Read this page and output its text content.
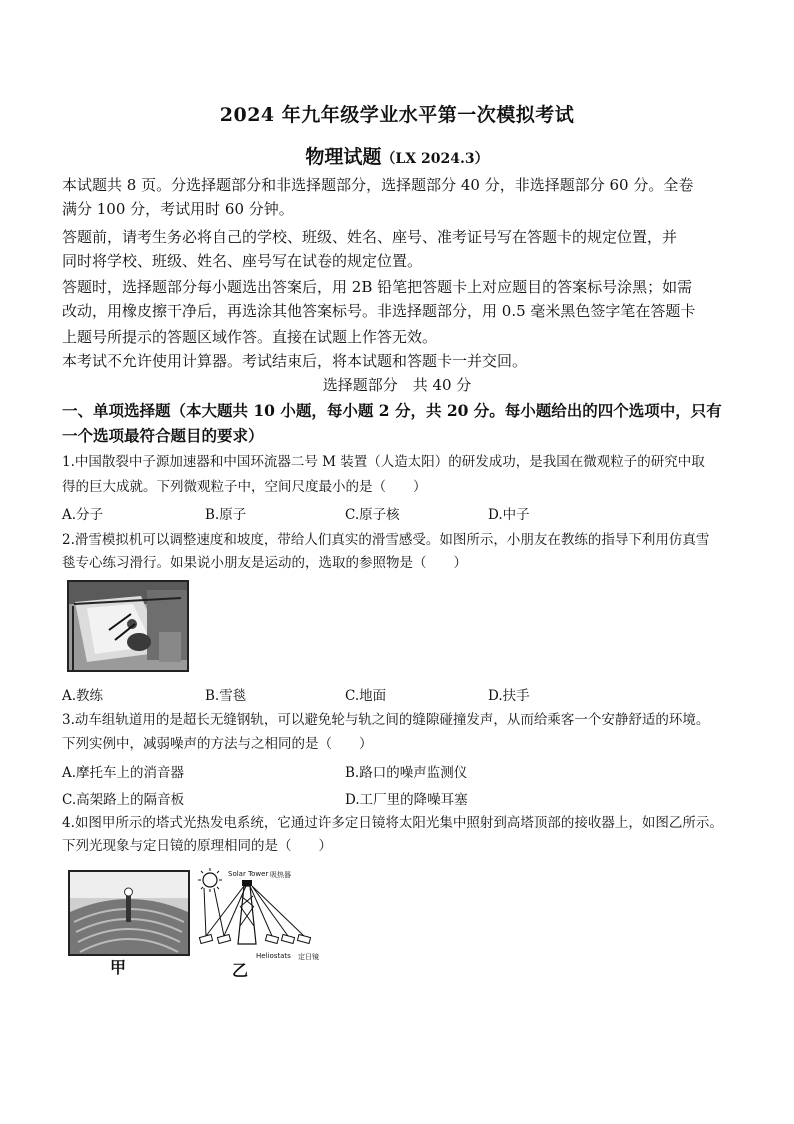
2024 年九年级学业水平第一次模拟考试
物理试题（LX 2024.3）
本试题共 8 页。分选择题部分和非选择题部分，选择题部分 40 分，非选择题部分 60 分。全卷
满分 100 分，考试用时 60 分钟。
答题前，请考生务必将自己的学校、班级、姓名、座号、准考证号写在答题卡的规定位置，并
同时将学校、班级、姓名、座号写在试卷的规定位置。
答题时，选择题部分每小题选出答案后，用 2B 铅笔把答题卡上对应题目的答案标号涂黑；如需
改动，用橡皮擦干净后，再选涂其他答案标号。非选择题部分，用 0.5 毫米黑色签字笔在答题卡
上题号所提示的答题区域作答。直接在试题上作答无效。
本考试不允许使用计算器。考试结束后，将本试题和答题卡一并交回。
选择题部分　共 40 分
一、单项选择题（本大题共 10 小题，每小题 2 分，共 20 分。每小题给出的四个选项中，只有
一个选项最符合题目的要求）
1.中国散裂中子源加速器和中国环流器二号 M 装置（人造太阳）的研发成功，是我国在微观粒子的研究中取
得的巨大成就。下列微观粒子中，空间尺度最小的是（　　）
A.分子	B.原子	C.原子核	D.中子
2.滑雪模拟机可以调整速度和坡度，带给人们真实的滑雪感受。如图所示，小朋友在教练的指导下利用仿真雪
毯专心练习滑行。如果说小朋友是运动的，选取的参照物是（　　）
A.教练	B.雪毯	C.地面	D.扶手
3.动车组轨道用的是超长无缝钢轨，可以避免轮与轨之间的缝隙碰撞发声，从而给乘客一个安静舒适的环境。
下列实例中，减弱噪声的方法与之相同的是（　　）
A.摩托车上的消音器	B.路口的噪声监测仪
C.高架路上的隔音板	D.工厂里的降噪耳塞
4.如图甲所示的塔式光热发电系统，它通过许多定日镜将太阳光集中照射到高塔顶部的接收器上，如图乙所示。
下列光现象与定日镜的原理相同的是（　　）
甲
Solar Tower 吸热器
Heliostats 定日镜
乙
